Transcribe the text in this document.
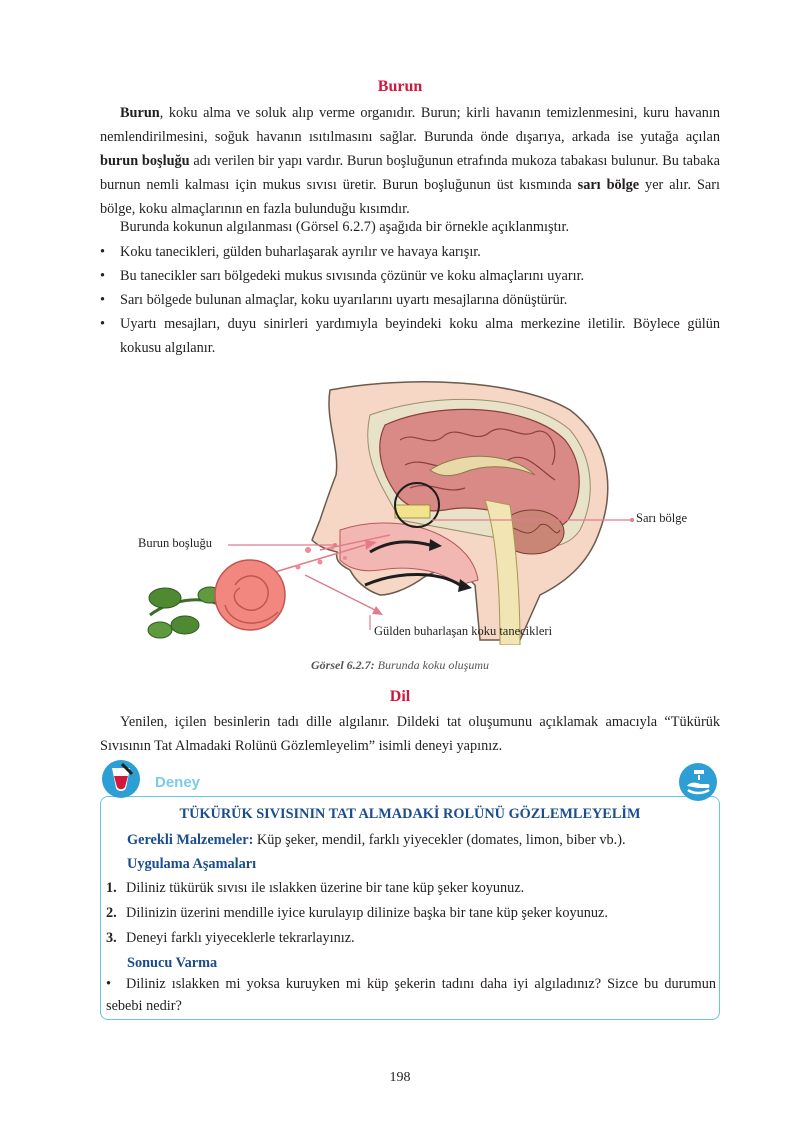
Burun
Burun, koku alma ve soluk alıp verme organıdır. Burun; kirli havanın temizlenmesini, kuru havanın nemlendirilmesini, soğuk havanın ısıtılmasını sağlar. Burunda önde dışarıya, arkada ise yutağa açılan burun boşluğu adı verilen bir yapı vardır. Burun boşluğunun etrafında mukoza tabakası bulunur. Bu tabaka burnun nemli kalması için mukus sıvısı üretir. Burun boşluğunun üst kısmında sarı bölge yer alır. Sarı bölge, koku almaçlarının en fazla bulunduğu kısımdır.
Burunda kokunun algılanması (Görsel 6.2.7) aşağıda bir örnekle açıklanmıştır.
• Koku tanecikleri, gülden buharlaşarak ayrılır ve havaya karışır.
• Bu tanecikler sarı bölgedeki mukus sıvısında çözünür ve koku almaçlarını uyarır.
• Sarı bölgede bulunan almaçlar, koku uyarılarını uyartı mesajlarına dönüştürür.
• Uyartı mesajları, duyu sinirleri yardımıyla beyindeki koku alma merkezine iletilir. Böylece gülün kokusu algılanır.
Sarı bölge
Burun boşluğu
Gülden buharlaşan koku tanecikleri
Görsel 6.2.7: Burunda koku oluşumu
Dil
Yenilen, içilen besinlerin tadı dille algılanır. Dildeki tat oluşumunu açıklamak amacıyla “Tükürük Sıvısının Tat Almadaki Rolünü Gözlemleyelim” isimli deneyi yapınız.
Deney
TÜKÜRÜK SIVISININ TAT ALMADAKİ ROLÜNÜ GÖZLEMLEYELİM
Gerekli Malzemeler: Küp şeker, mendil, farklı yiyecekler (domates, limon, biber vb.).
Uygulama Aşamaları
1. Diliniz tükürük sıvısı ile ıslakken üzerine bir tane küp şeker koyunuz.
2. Dilinizin üzerini mendille iyice kurulayıp dilinize başka bir tane küp şeker koyunuz.
3. Deneyi farklı yiyeceklerle tekrarlayınız.
Sonucu Varma
• Diliniz ıslakken mi yoksa kuruyken mi küp şekerin tadını daha iyi algıladınız? Sizce bu durumun sebebi nedir?
198
